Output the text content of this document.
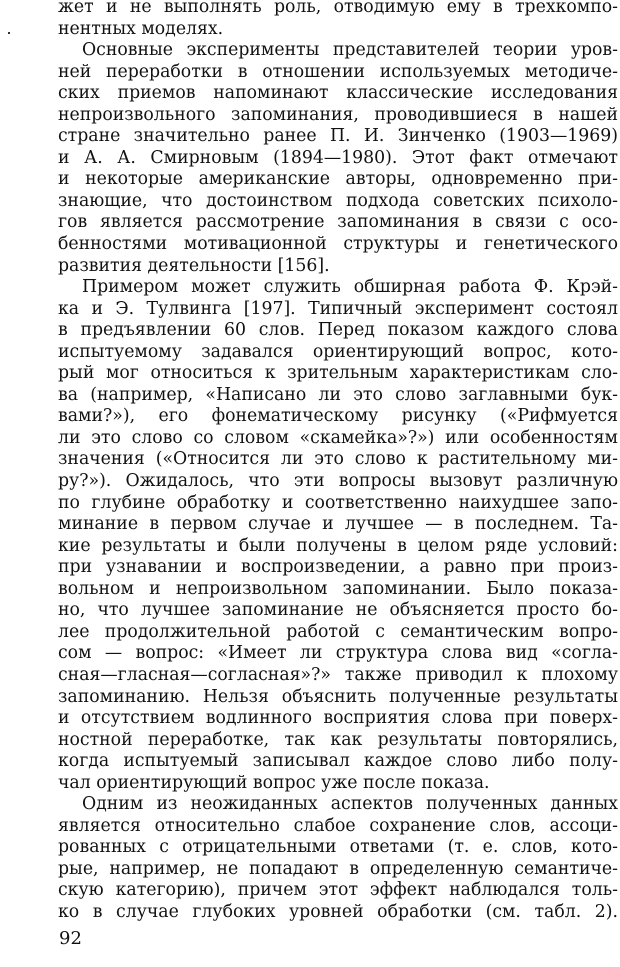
жет и не выполнять роль, отводимую ему в трехкомпо-
нентных моделях.
Основные эксперименты представителей теории уров-
ней переработки в отношении используемых методиче-
ских приемов напоминают классические исследования
непроизвольного запоминания, проводившиеся в нашей
стране значительно ранее П. И. Зинченко (1903—1969)
и А. А. Смирновым (1894—1980). Этот факт отмечают
и некоторые американские авторы, одновременно при-
знающие, что достоинством подхода советских психоло-
гов является рассмотрение запоминания в связи с осо-
бенностями мотивационной структуры и генетического
развития деятельности [156].
Примером может служить обширная работа Ф. Крэй-
ка и Э. Тулвинга [197]. Типичный эксперимент состоял
в предъявлении 60 слов. Перед показом каждого слова
испытуемому задавался ориентирующий вопрос, кото-
рый мог относиться к зрительным характеристикам сло-
ва (например, «Написано ли это слово заглавными бук-
вами?»), его фонематическому рисунку («Рифмуется
ли это слово со словом «скамейка»?») или особенностям
значения («Относится ли это слово к растительному ми-
ру?»). Ожидалось, что эти вопросы вызовут различную
по глубине обработку и соответственно наихудшее запо-
минание в первом случае и лучшее — в последнем. Та-
кие результаты и были получены в целом ряде условий:
при узнавании и воспроизведении, а равно при произ-
вольном и непроизвольном запоминании. Было показа-
но, что лучшее запоминание не объясняется просто бо-
лее продолжительной работой с семантическим вопро-
сом — вопрос: «Имеет ли структура слова вид «согла-
сная—гласная—согласная»?» также приводил к плохому
запоминанию. Нельзя объяснить полученные результаты
и отсутствием водлинного восприятия слова при поверх-
ностной переработке, так как результаты повторялись,
когда испытуемый записывал каждое слово либо полу-
чал ориентирующий вопрос уже после показа.
Одним из неожиданных аспектов полученных данных
является относительно слабое сохранение слов, ассоци-
рованных с отрицательными ответами (т. е. слов, кото-
рые, например, не попадают в определенную семантиче-
скую категорию), причем этот эффект наблюдался толь-
ко в случае глубоких уровней обработки (см. табл. 2).
92
